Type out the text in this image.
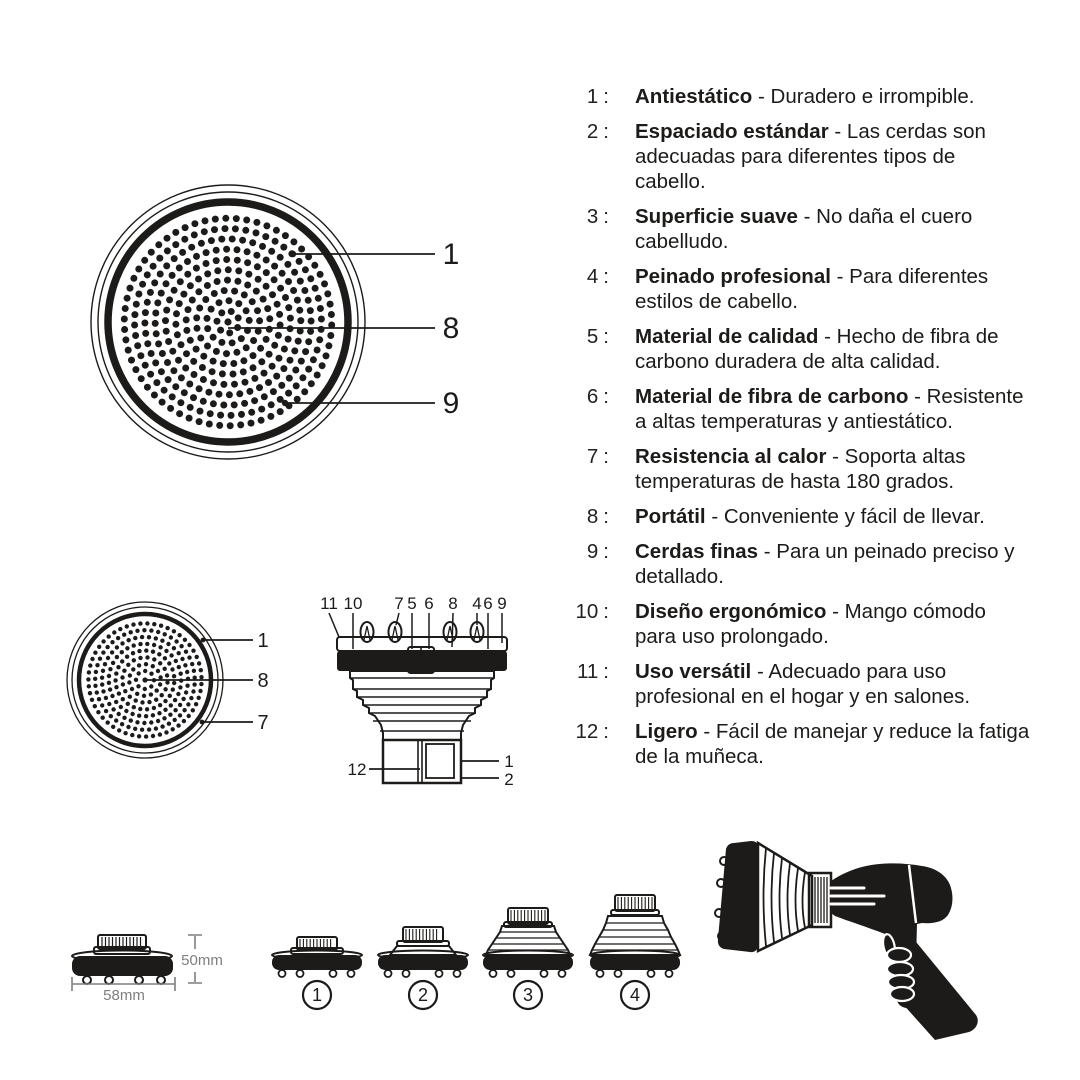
1 : Antiestático - Duradero e irrompible.
2 : Espaciado estándar - Las cerdas son adecuadas para diferentes tipos de cabello.
3 : Superficie suave - No daña el cuero cabelludo.
4 : Peinado profesional - Para diferentes estilos de cabello.
5 : Material de calidad - Hecho de fibra de carbono duradera de alta calidad.
6 : Material de fibra de carbono - Resistente a altas temperaturas y antiestático.
7 : Resistencia al calor - Soporta altas temperaturas de hasta 180 grados.
8 : Portátil - Conveniente y fácil de llevar.
9 : Cerdas finas - Para un peinado preciso y detallado.
10 : Diseño ergonómico - Mango cómodo para uso prolongado.
11 : Uso versátil - Adecuado para uso profesional en el hogar y en salones.
12 : Ligero - Fácil de manejar y reduce la fatiga de la muñeca.
1
8
9
1
8
7
11 10 7 5 6 8 4 6 9
12	1
2
50mm
58mm	1	2	3	4
